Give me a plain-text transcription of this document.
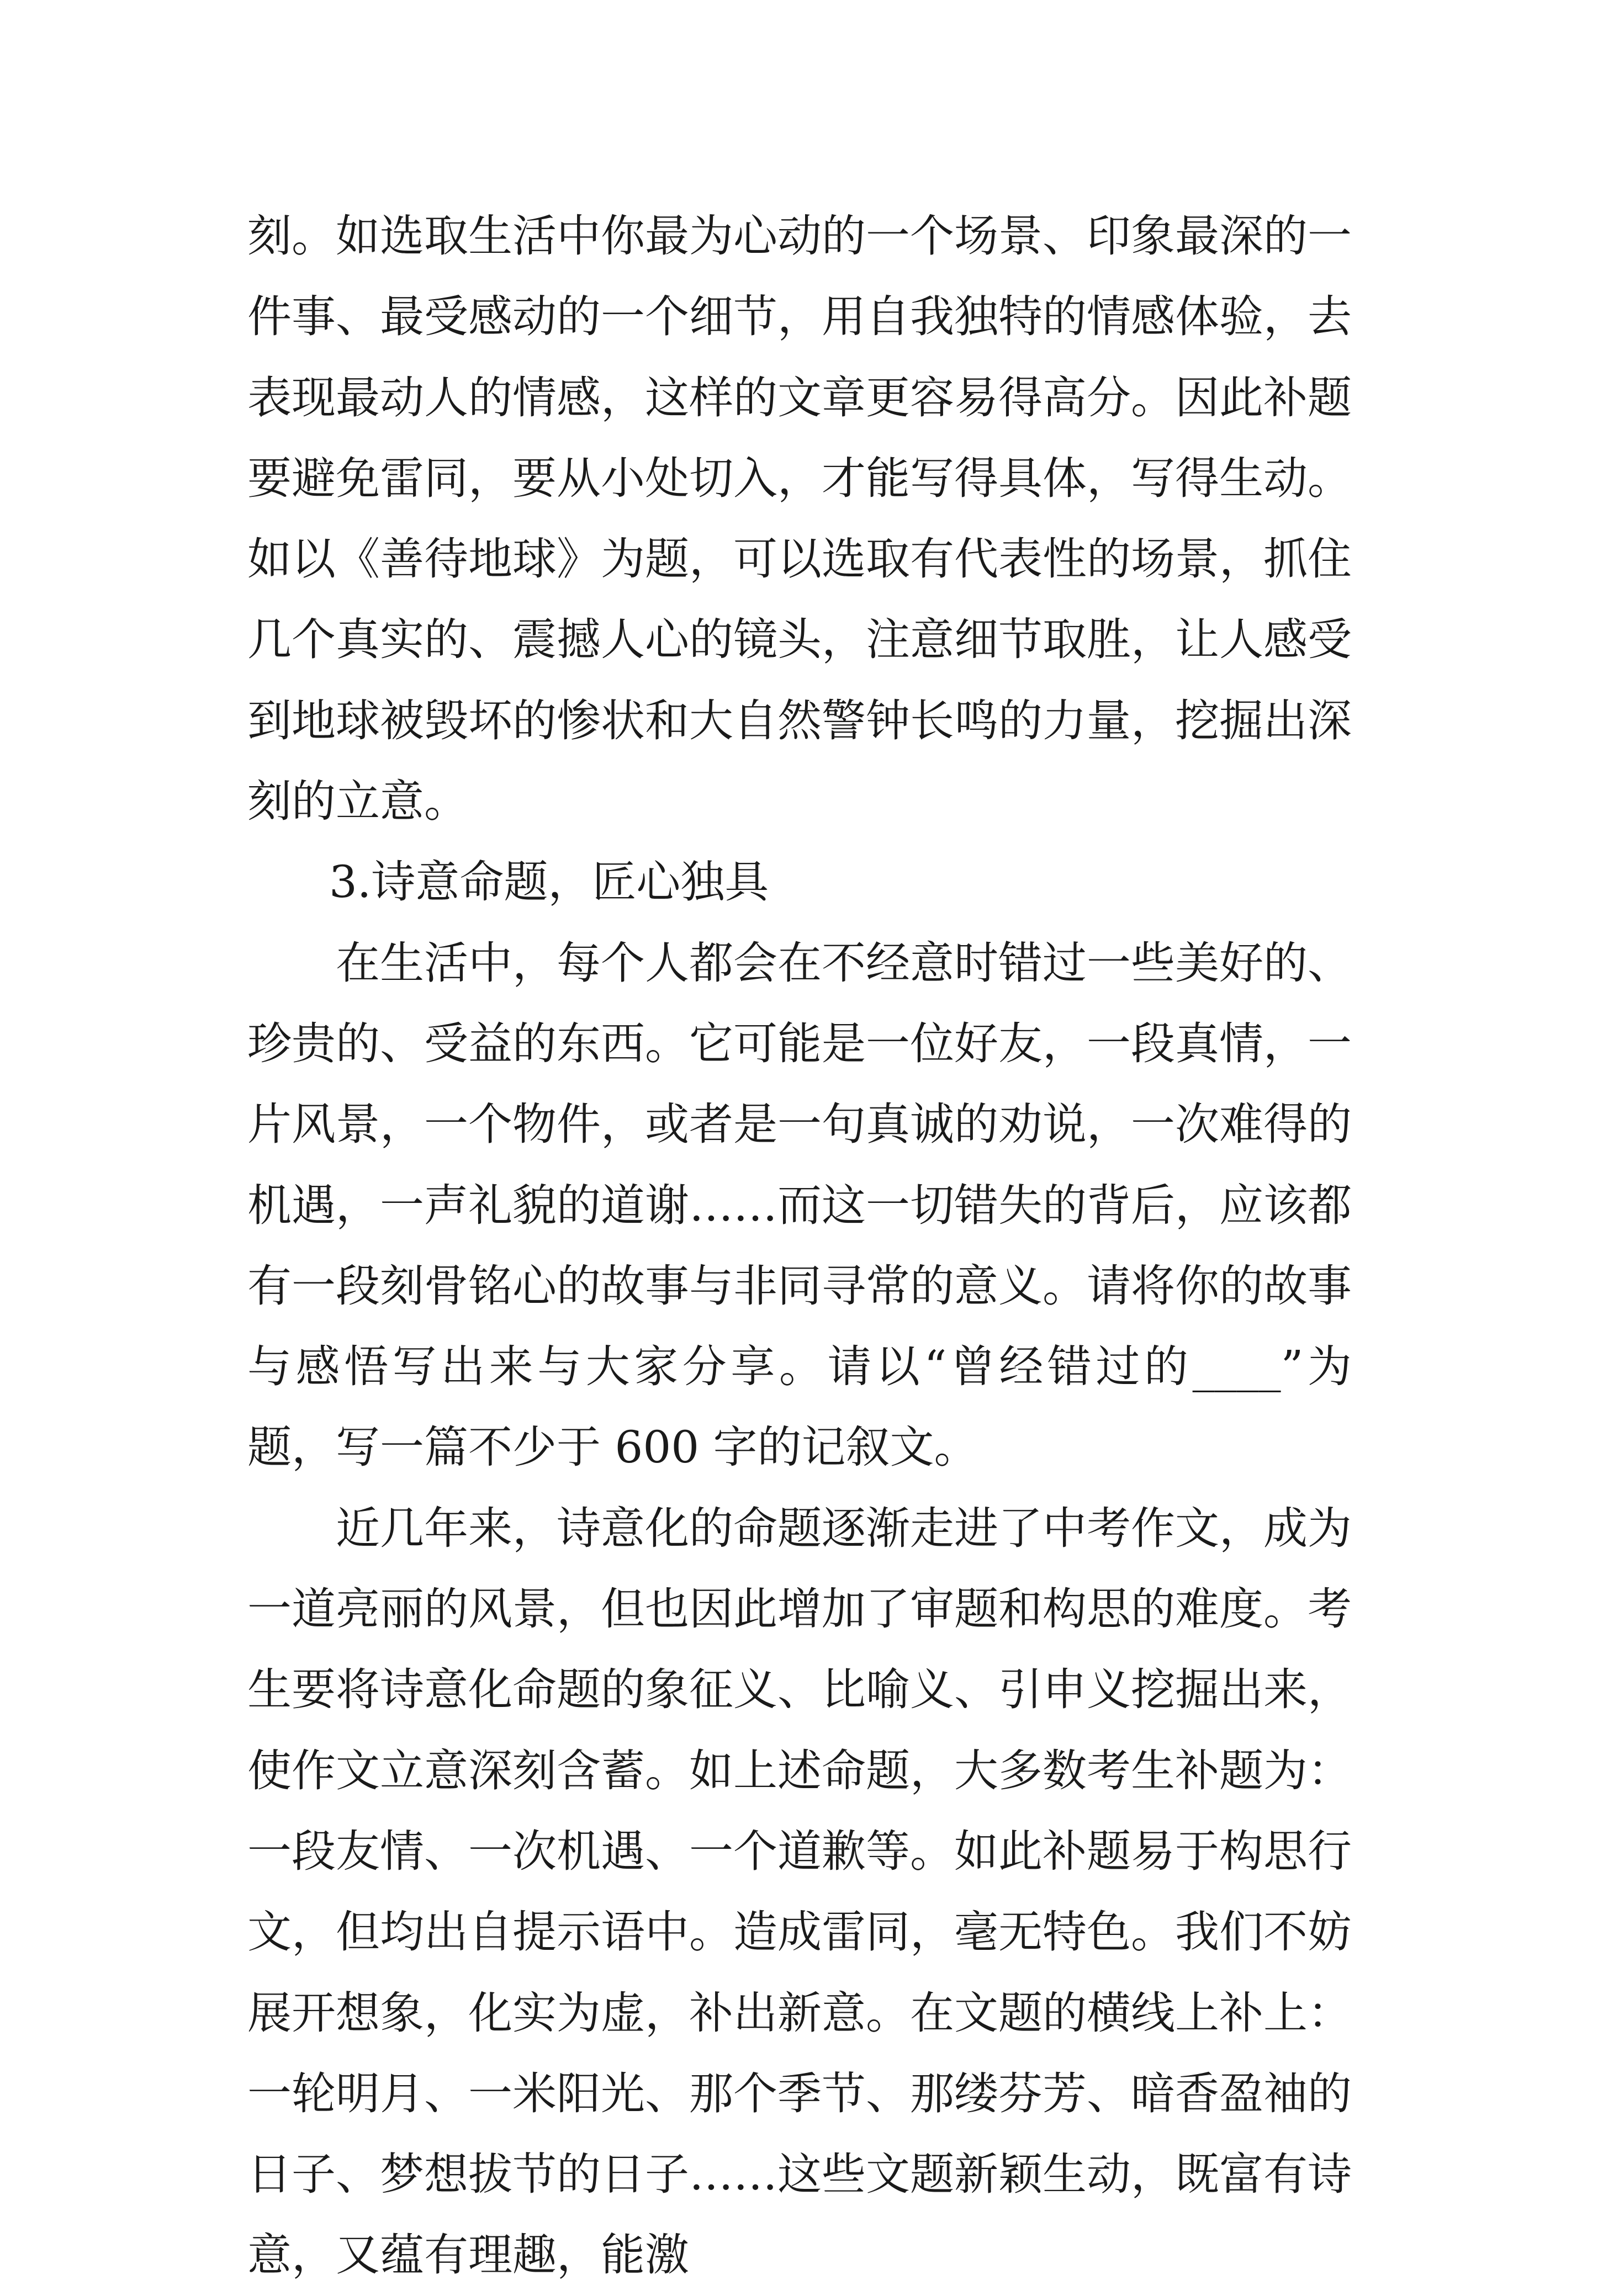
刻。如选取生活中你最为心动的一个场景、印象最深的一件事、最受感动的一个细节，用自我独特的情感体验，去表现最动人的情感，这样的文章更容易得高分。因此补题要避免雷同，要从小处切入，才能写得具体，写得生动。如以《善待地球》为题，可以选取有代表性的场景，抓住几个真实的、震撼人心的镜头，注意细节取胜，让人感受到地球被毁坏的惨状和大自然警钟长鸣的力量，挖掘出深刻的立意。

3.诗意命题，匠心独具

在生活中，每个人都会在不经意时错过一些美好的、珍贵的、受益的东西。它可能是一位好友，一段真情，一片风景，一个物件，或者是一句真诚的劝说，一次难得的机遇，一声礼貌的道谢……而这一切错失的背后，应该都有一段刻骨铭心的故事与非同寻常的意义。请将你的故事与感悟写出来与大家分享。请以“曾经错过的____”为题，写一篇不少于 600 字的记叙文。

近几年来，诗意化的命题逐渐走进了中考作文，成为一道亮丽的风景，但也因此增加了审题和构思的难度。考生要将诗意化命题的象征义、比喻义、引申义挖掘出来，使作文立意深刻含蓄。如上述命题，大多数考生补题为：一段友情、一次机遇、一个道歉等。如此补题易于构思行文，但均出自提示语中。造成雷同，毫无特色。我们不妨展开想象，化实为虚，补出新意。在文题的横线上补上：一轮明月、一米阳光、那个季节、那缕芬芳、暗香盈袖的日子、梦想拔节的日子……这些文题新颖生动，既富有诗意，又蕴有理趣，能激
